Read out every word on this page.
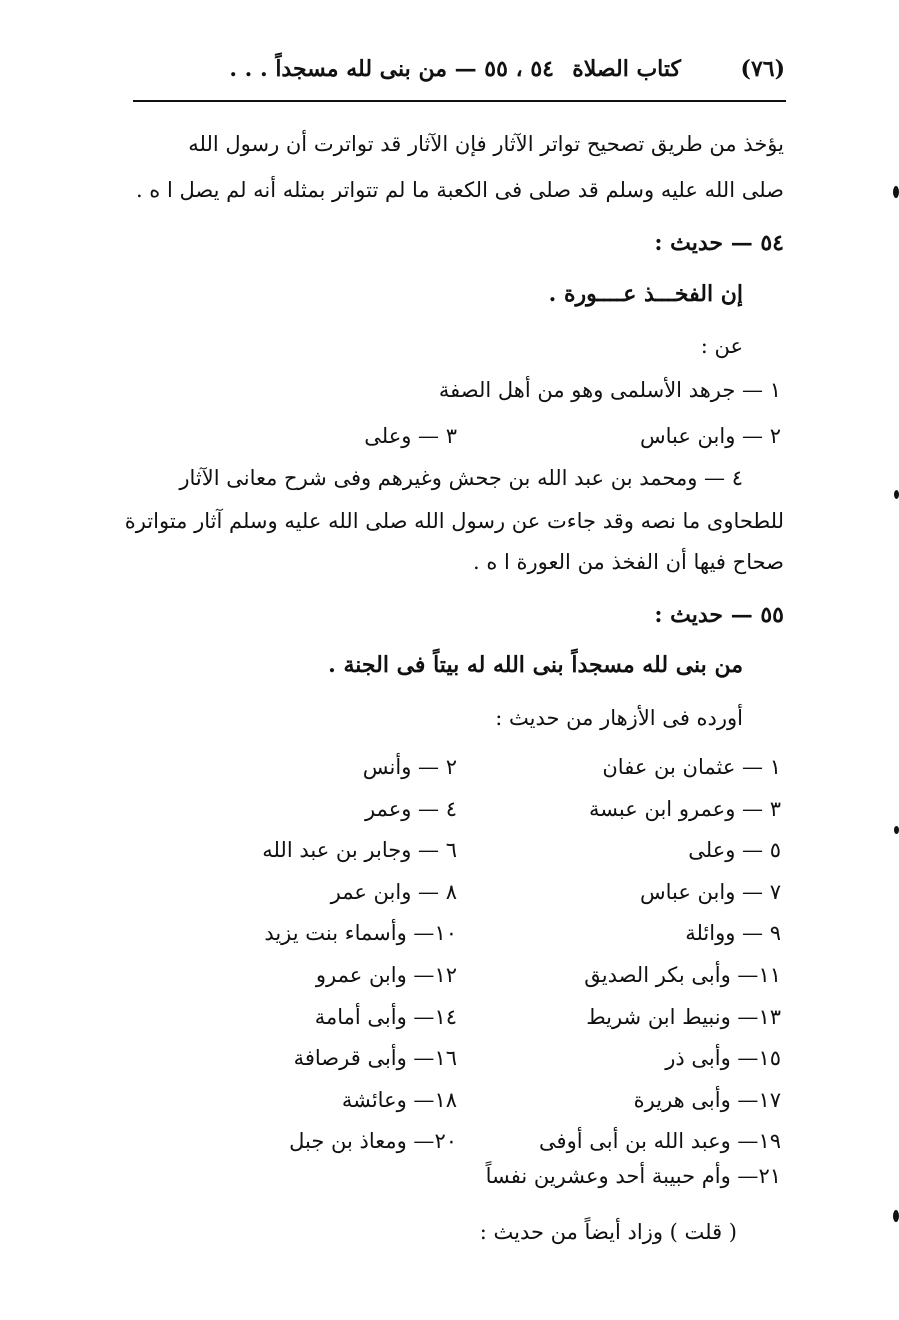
(٧٦)
كتاب الصلاة
٥٤ ، ٥٥ — من بنى لله مسجداً . . .
يؤخذ من طريق تصحيح تواتر الآثار فإن الآثار قد تواترت أن رسول الله
صلى الله عليه وسلم قد صلى فى الكعبة ما لم تتواتر بمثله أنه لم يصل ا ه .
٥٤ — حديث :
إن الفخـــذ عــــورة .
عن :
١ — جرهد الأسلمى وهو من أهل الصفة
٢ — وابن عباس
٣ — وعلى
٤ — ومحمد بن عبد الله بن جحش وغيرهم وفى شرح معانى الآثار
للطحاوى ما نصه وقد جاءت عن رسول الله صلى الله عليه وسلم آثار متواترة
صحاح فيها أن الفخذ من العورة ا ه .
٥٥ — حديث :
من بنى لله مسجداً بنى الله له بيتاً فى الجنة .
أورده فى الأزهار من حديث :
١ — عثمان بن عفان
٣ — وعمرو ابن عبسة
٥ — وعلى
٧ — وابن عباس
٩ — ووائلة
١١— وأبى بكر الصديق
١٣— ونبيط ابن شريط
١٥— وأبى ذر
١٧— وأبى هريرة
١٩— وعبد الله بن أبى أوفى
٢ — وأنس
٤ — وعمر
٦ — وجابر بن عبد الله
٨ — وابن عمر
١٠— وأسماء بنت يزيد
١٢— وابن عمرو
١٤— وأبى أمامة
١٦— وأبى قرصافة
١٨— وعائشة
٢٠— ومعاذ بن جبل
٢١— وأم حبيبة أحد وعشرين نفساً
( قلت ) وزاد أيضاً من حديث :
